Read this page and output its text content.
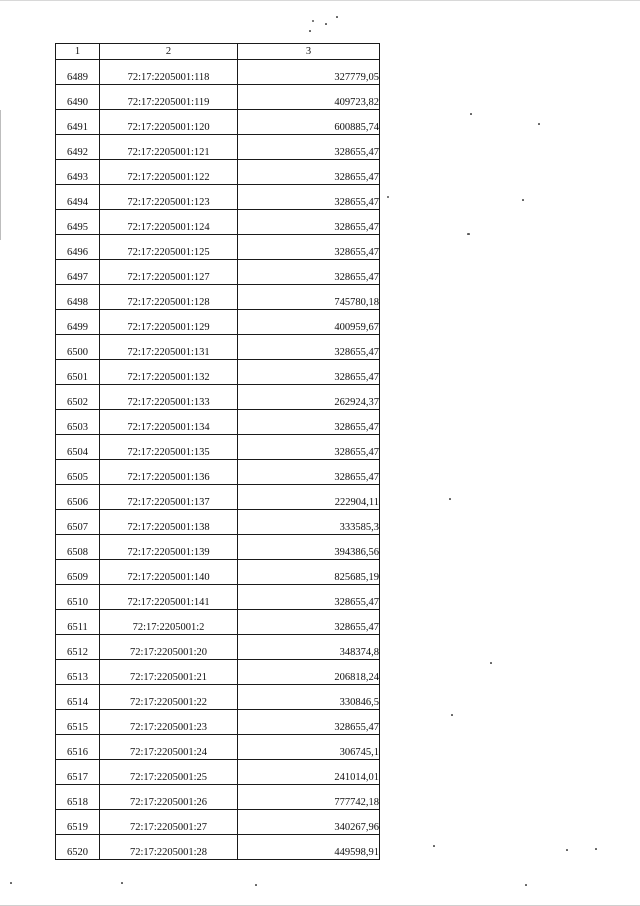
1	2	3
6489	72:17:2205001:118	327779,05
6490	72:17:2205001:119	409723,82
6491	72:17:2205001:120	600885,74
6492	72:17:2205001:121	328655,47
6493	72:17:2205001:122	328655,47
6494	72:17:2205001:123	328655,47
6495	72:17:2205001:124	328655,47
6496	72:17:2205001:125	328655,47
6497	72:17:2205001:127	328655,47
6498	72:17:2205001:128	745780,18
6499	72:17:2205001:129	400959,67
6500	72:17:2205001:131	328655,47
6501	72:17:2205001:132	328655,47
6502	72:17:2205001:133	262924,37
6503	72:17:2205001:134	328655,47
6504	72:17:2205001:135	328655,47
6505	72:17:2205001:136	328655,47
6506	72:17:2205001:137	222904,11
6507	72:17:2205001:138	333585,3
6508	72:17:2205001:139	394386,56
6509	72:17:2205001:140	825685,19
6510	72:17:2205001:141	328655,47
6511	72:17:2205001:2	328655,47
6512	72:17:2205001:20	348374,8
6513	72:17:2205001:21	206818,24
6514	72:17:2205001:22	330846,5
6515	72:17:2205001:23	328655,47
6516	72:17:2205001:24	306745,1
6517	72:17:2205001:25	241014,01
6518	72:17:2205001:26	777742,18
6519	72:17:2205001:27	340267,96
6520	72:17:2205001:28	449598,91
